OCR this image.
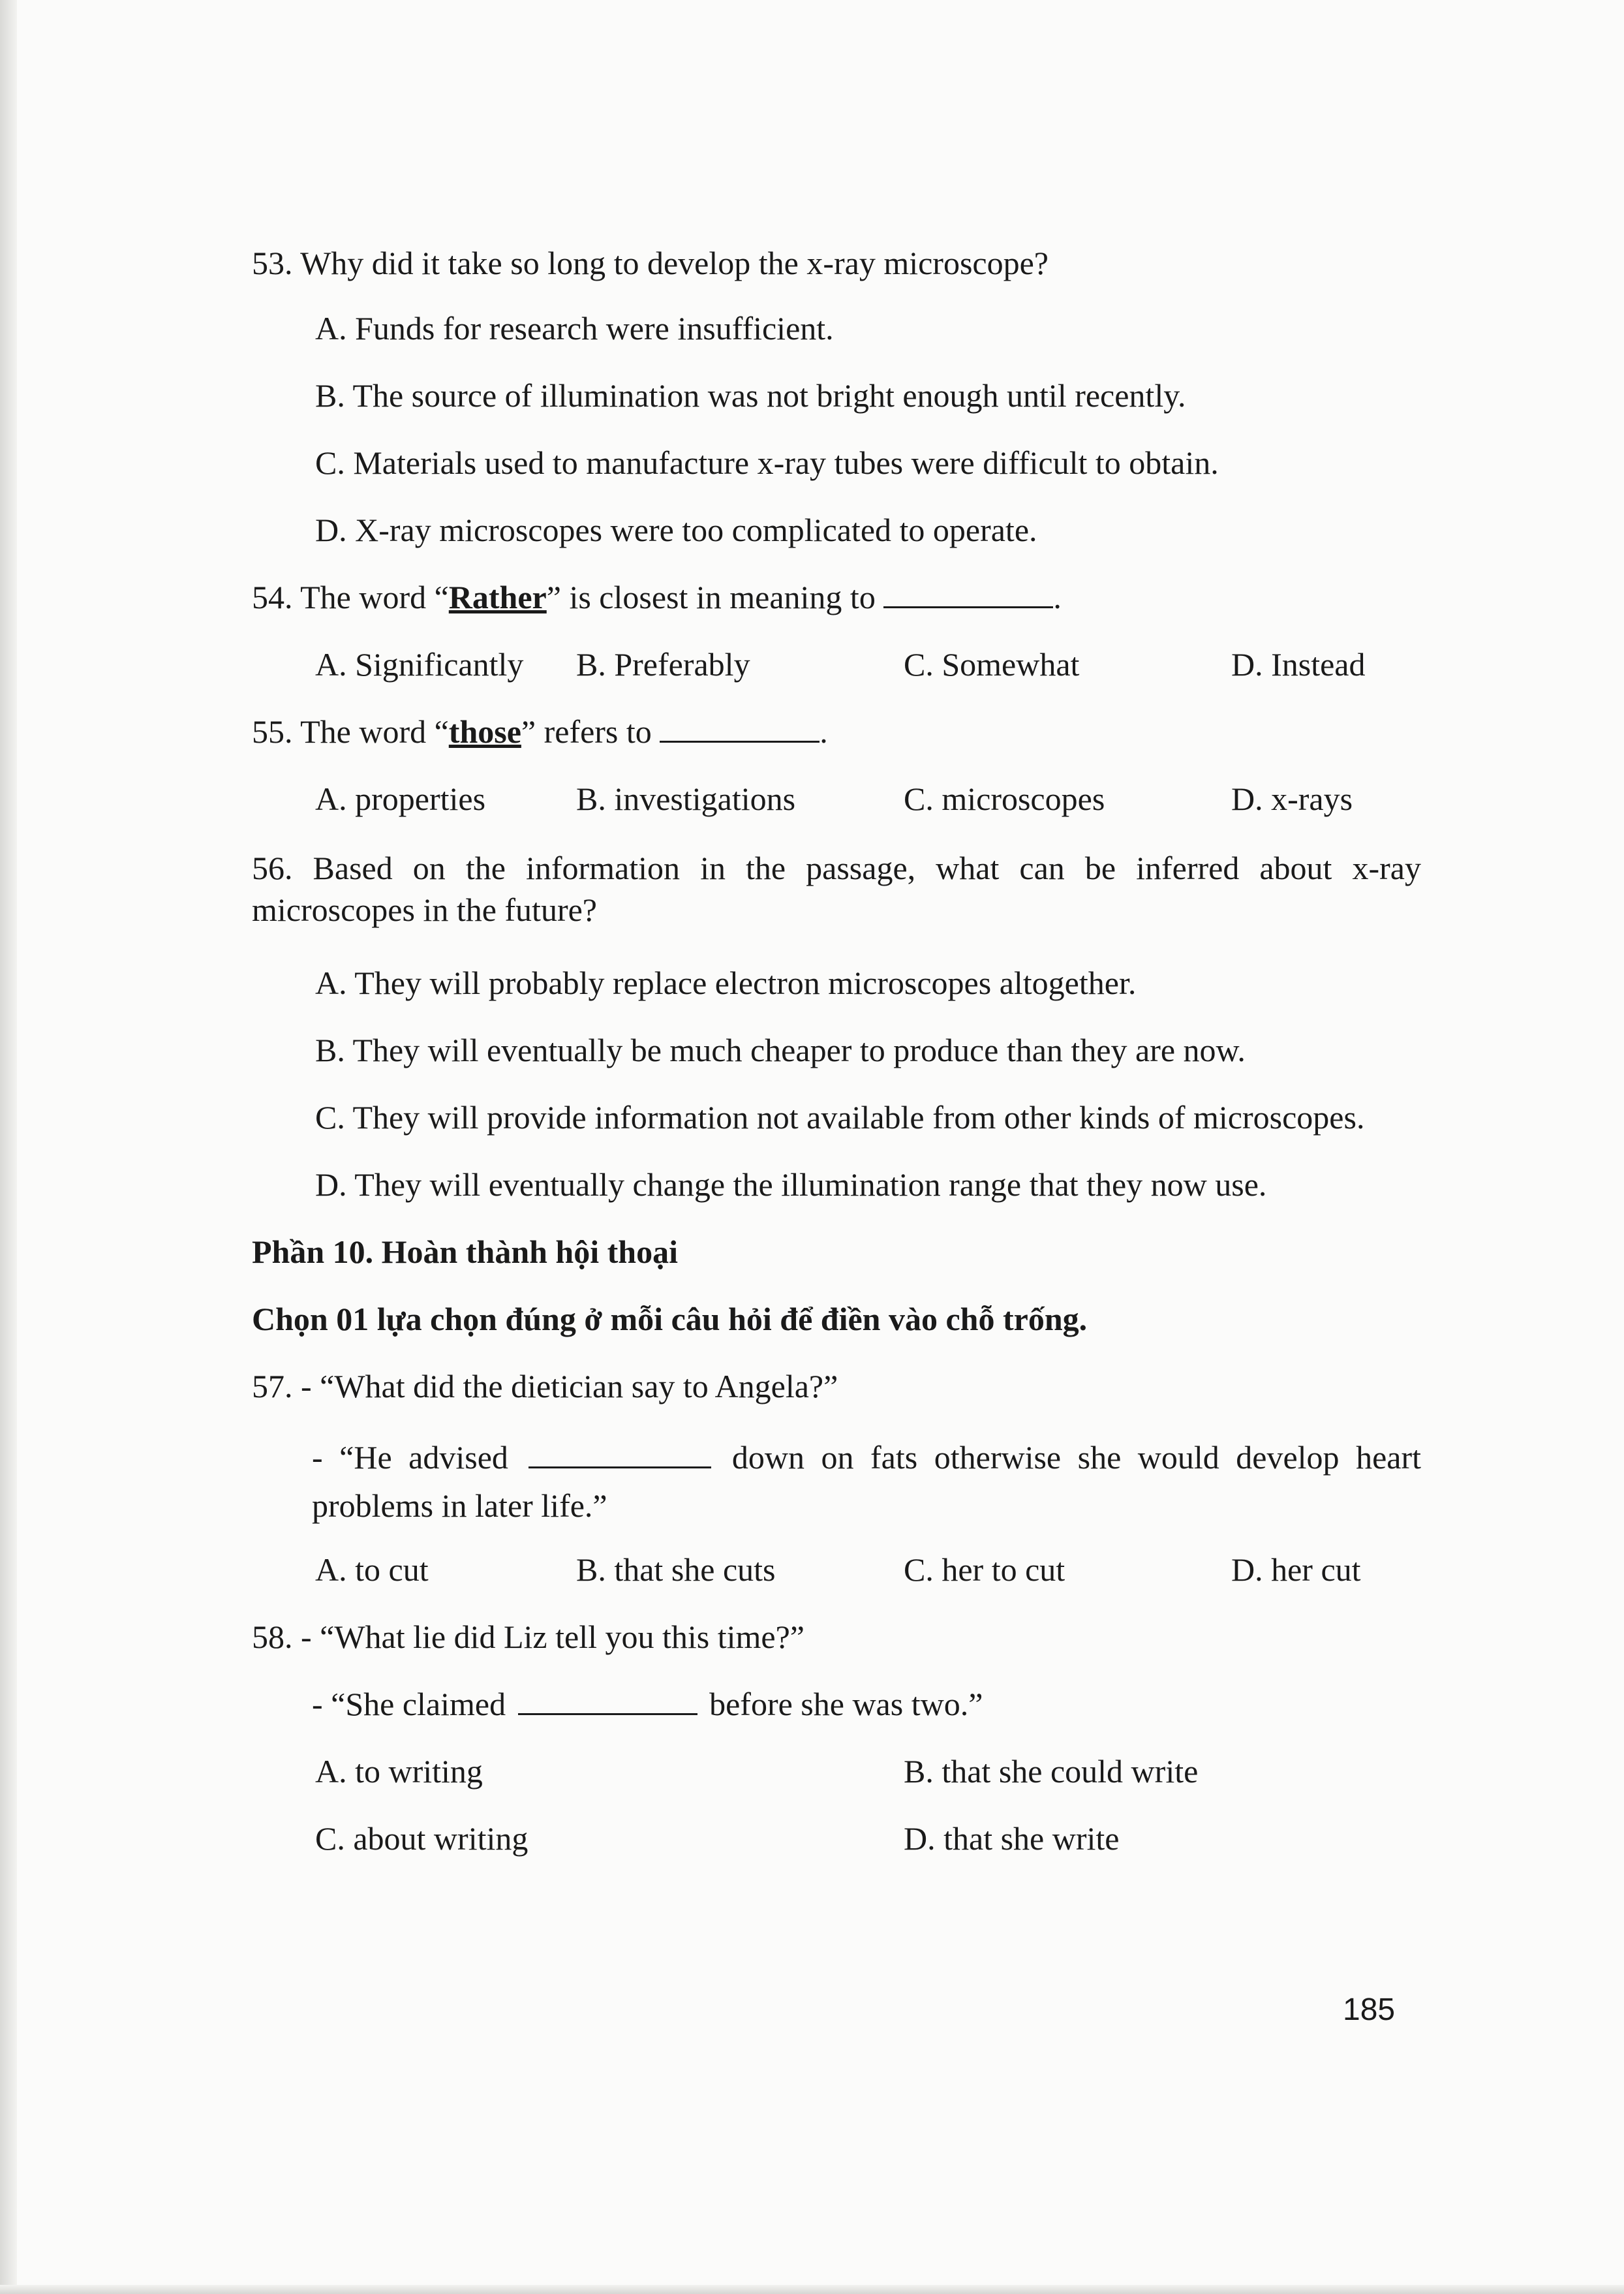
53. Why did it take so long to develop the x-ray microscope?
A. Funds for research were insufficient.
B. The source of illumination was not bright enough until recently.
C. Materials used to manufacture x-ray tubes were difficult to obtain.
D. X-ray microscopes were too complicated to operate.
54. The word “Rather” is closest in meaning to	.
A. Significantly B. Preferably	C. Somewhat	D. Instead
55. The word “those” refers to	.
A. properties	B. investigations	C. microscopes	D. x-rays
56. Based on the information in the passage, what can be inferred about x-ray microscopes in the future?
A. They will probably replace electron microscopes altogether.
B. They will eventually be much cheaper to produce than they are now.
C. They will provide information not available from other kinds of microscopes.
D. They will eventually change the illumination range that they now use.
Phần 10. Hoàn thành hội thoại
Chọn 01 lựa chọn đúng ở mỗi câu hỏi để điền vào chỗ trống.
57. - “What did the dietician say to Angela?”
- “He advised	down on fats otherwise she would develop heart problems in later life.”
A. to cut	B. that she cuts	C. her to cut	D. her cut
58. - “What lie did Liz tell you this time?”
- “She claimed	before she was two.”
A. to writing	B. that she could write
C. about writing	D. that she write
185
